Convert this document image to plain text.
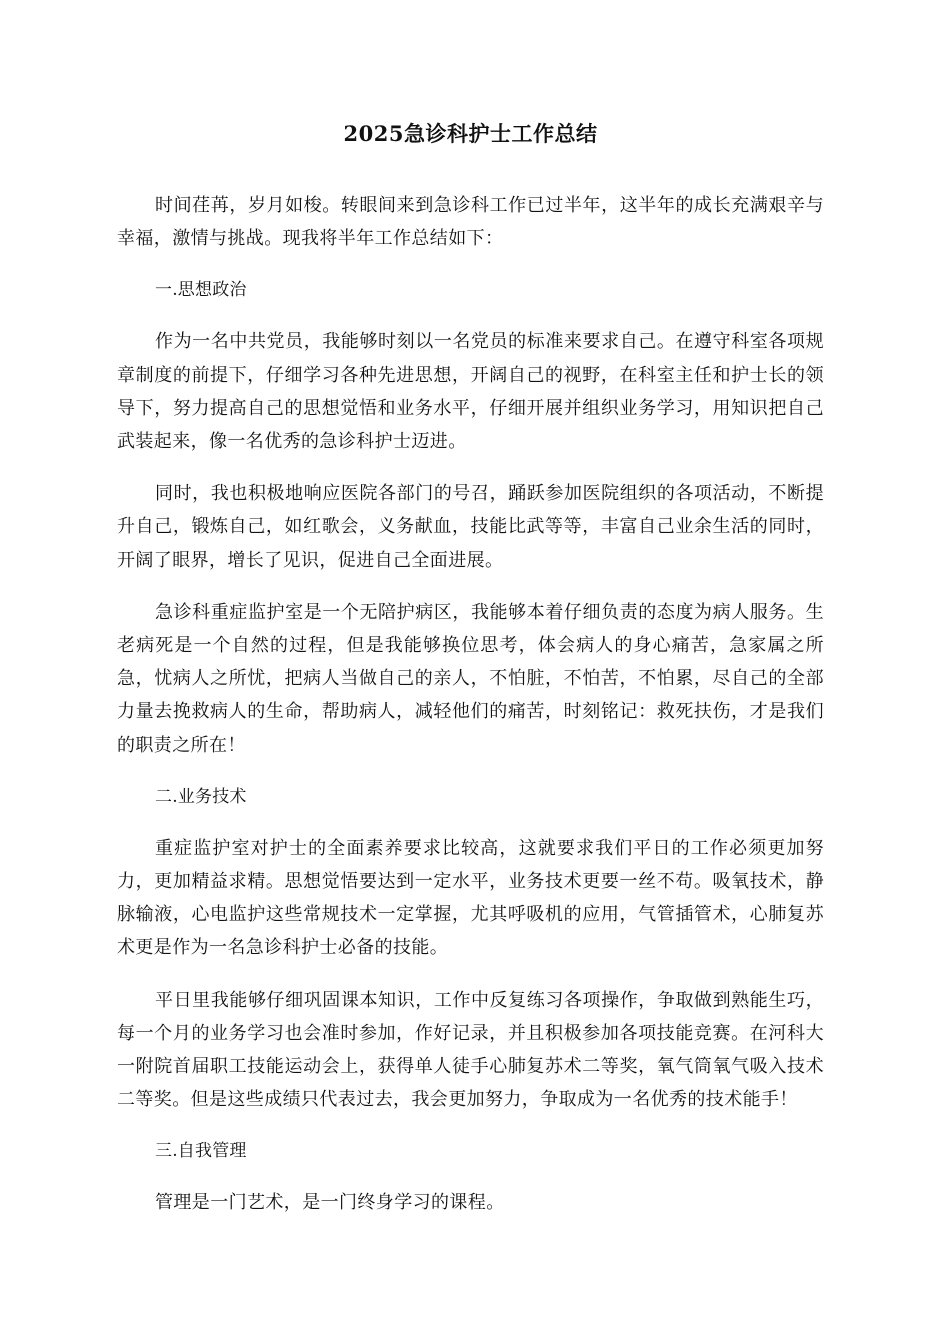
2025急诊科护士工作总结

时间荏苒，岁月如梭。转眼间来到急诊科工作已过半年，这半年的成长充满艰辛与幸福，激情与挑战。现我将半年工作总结如下：

一.思想政治

作为一名中共党员，我能够时刻以一名党员的标准来要求自己。在遵守科室各项规章制度的前提下，仔细学习各种先进思想，开阔自己的视野，在科室主任和护士长的领导下，努力提高自己的思想觉悟和业务水平，仔细开展并组织业务学习，用知识把自己武装起来，像一名优秀的急诊科护士迈进。

同时，我也积极地响应医院各部门的号召，踊跃参加医院组织的各项活动，不断提升自己，锻炼自己，如红歌会，义务献血，技能比武等等，丰富自己业余生活的同时，开阔了眼界，增长了见识，促进自己全面进展。

急诊科重症监护室是一个无陪护病区，我能够本着仔细负责的态度为病人服务。生老病死是一个自然的过程，但是我能够换位思考，体会病人的身心痛苦，急家属之所急，忧病人之所忧，把病人当做自己的亲人，不怕脏，不怕苦，不怕累，尽自己的全部力量去挽救病人的生命，帮助病人，减轻他们的痛苦，时刻铭记：救死扶伤，才是我们的职责之所在！

二.业务技术

重症监护室对护士的全面素养要求比较高，这就要求我们平日的工作必须更加努力，更加精益求精。思想觉悟要达到一定水平，业务技术更要一丝不苟。吸氧技术，静脉输液，心电监护这些常规技术一定掌握，尤其呼吸机的应用，气管插管术，心肺复苏术更是作为一名急诊科护士必备的技能。

平日里我能够仔细巩固课本知识，工作中反复练习各项操作，争取做到熟能生巧，每一个月的业务学习也会准时参加，作好记录，并且积极参加各项技能竞赛。在河科大一附院首届职工技能运动会上，获得单人徒手心肺复苏术二等奖，氧气筒氧气吸入技术二等奖。但是这些成绩只代表过去，我会更加努力，争取成为一名优秀的技术能手！

三.自我管理

管理是一门艺术，是一门终身学习的课程。
